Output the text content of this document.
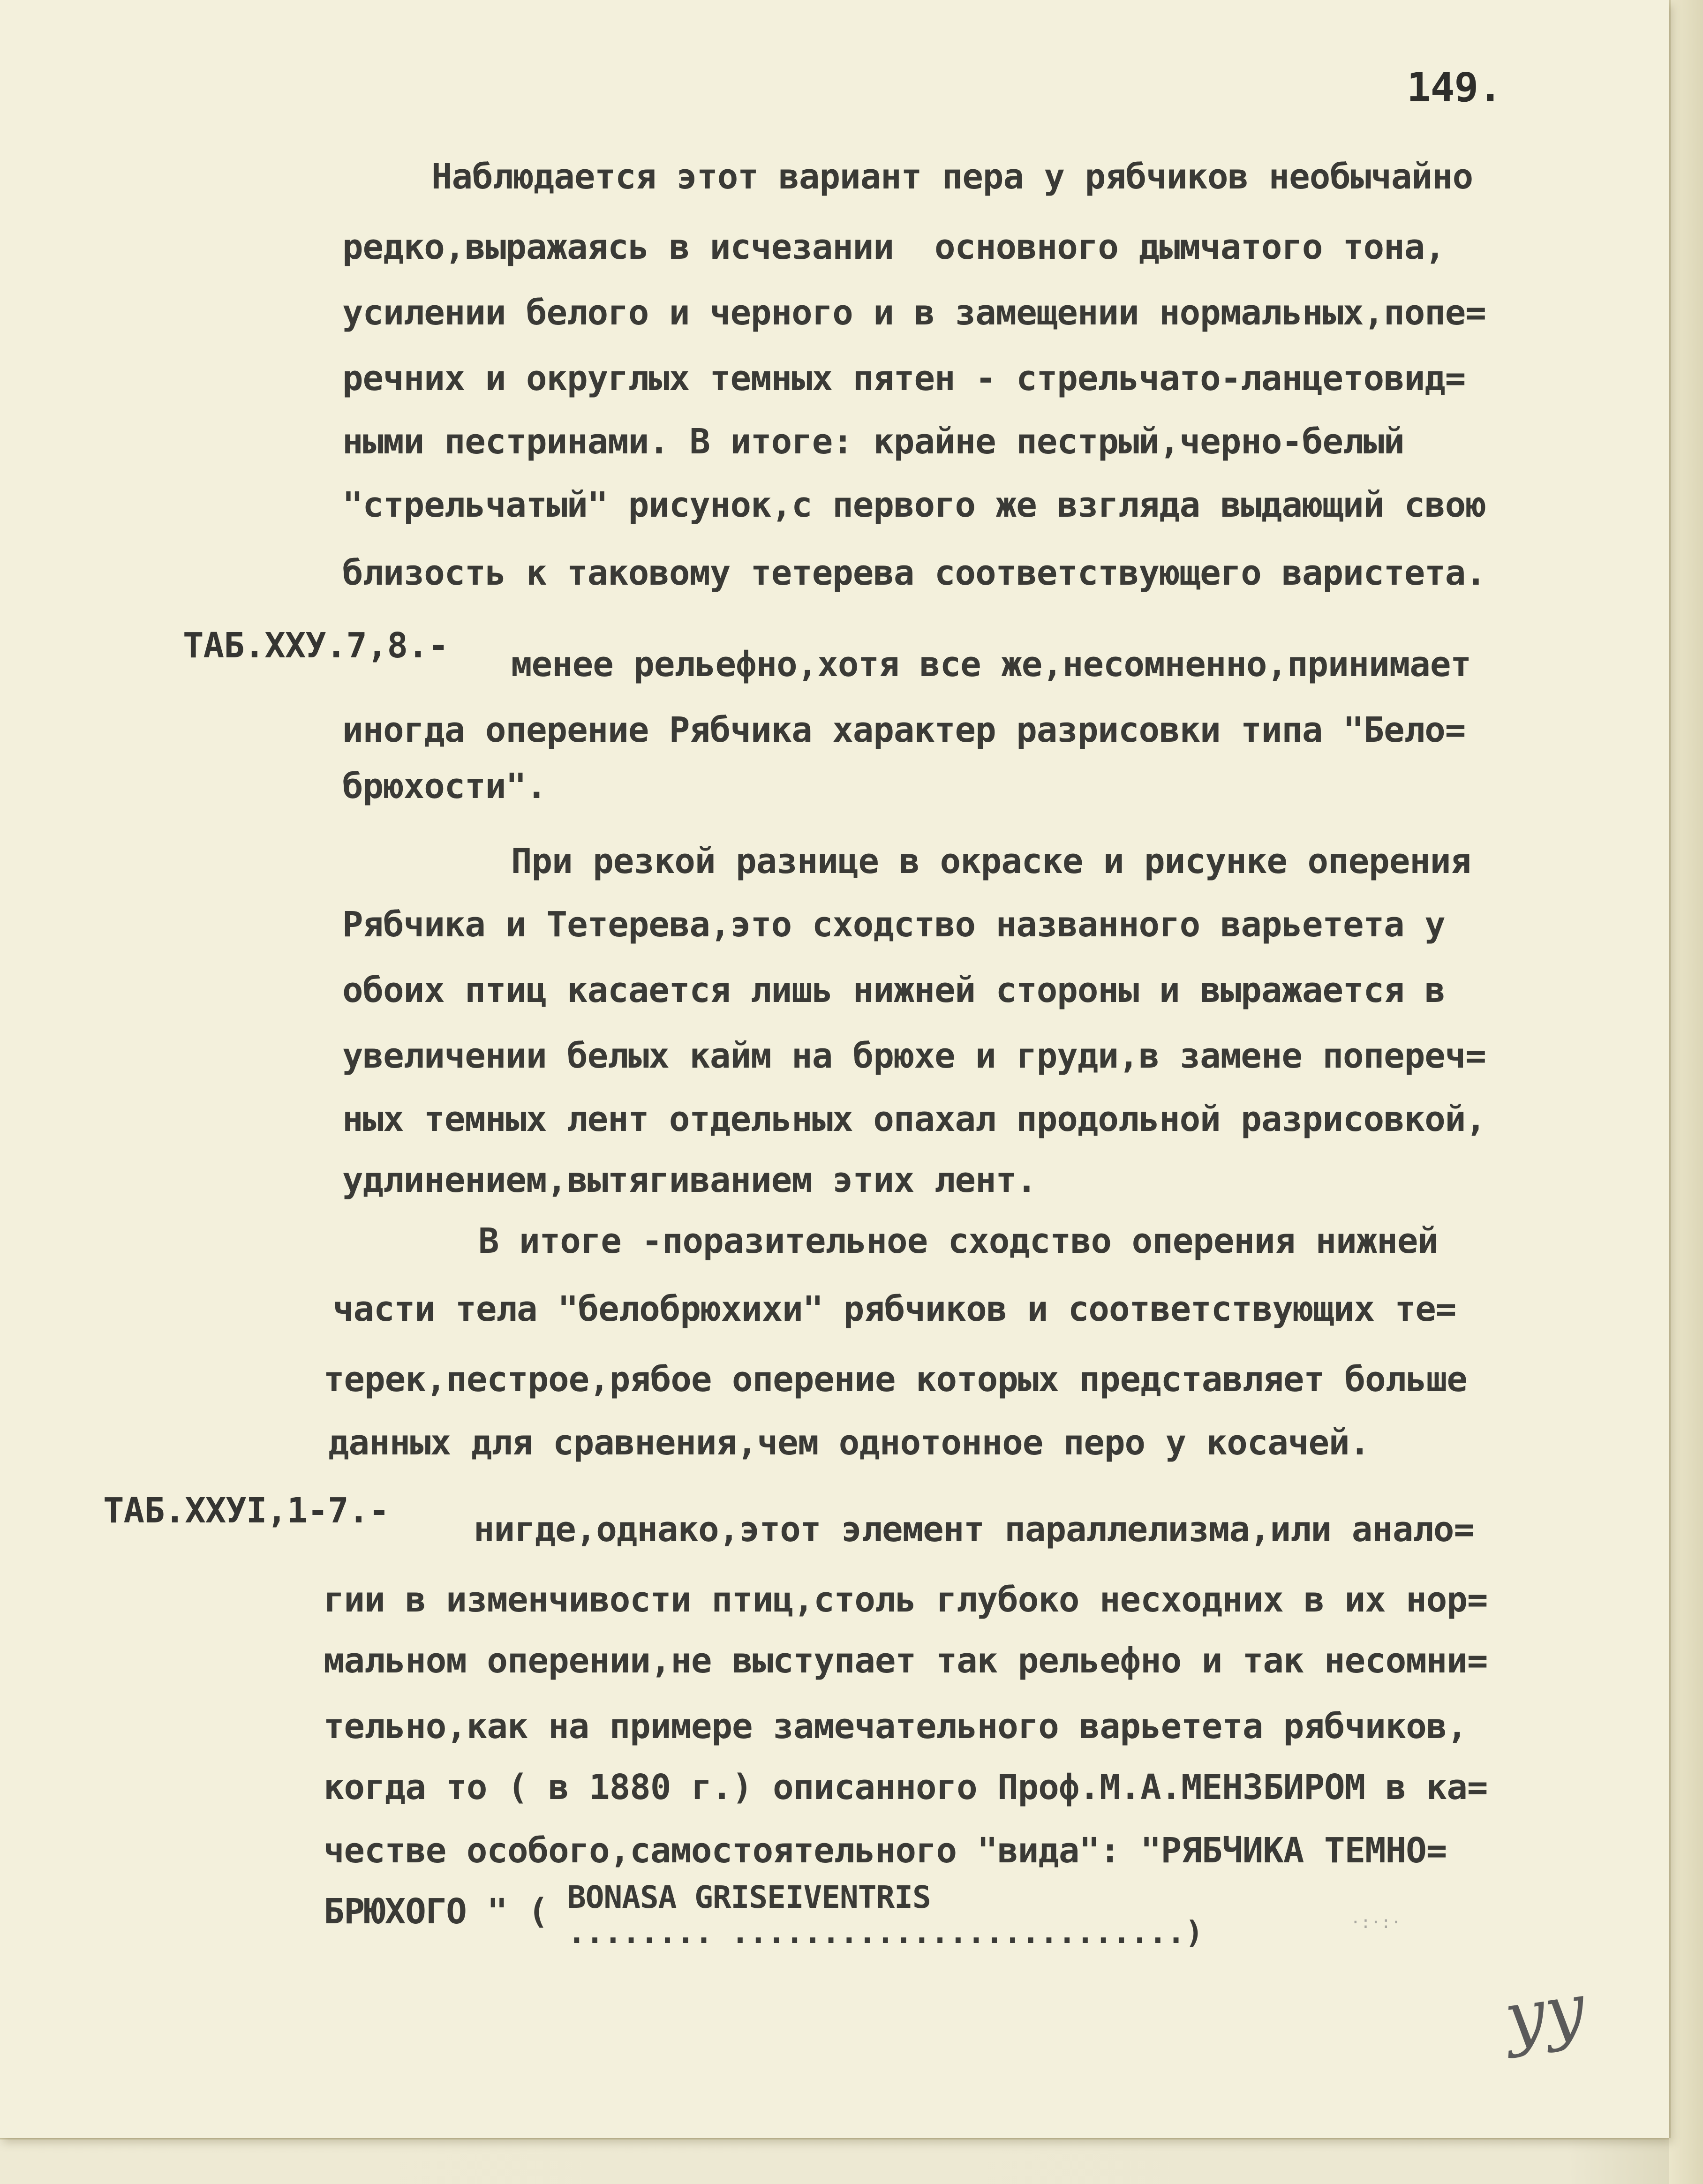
149.
Наблюдается этот вариант пера у рябчиков необычайно
редко,выражаясь в исчезании  основного дымчатого тона,
усилении белого и черного и в замещении нормальных,попе=
речних и округлых темных пятен - стрельчато-ланцетовид=
ными пестринами. В итоге: крайне пестрый,черно-белый
"стрельчатый" рисунок,с первого же взгляда выдающий свою
близость к таковому тетерева соответствующего варистета.
ТАБ.XXУ.7,8.- менее рельефно,хотя все же,несомненно,принимает
иногда оперение Рябчика характер разрисовки типа "Бело=
брюхости".
При резкой разнице в окраске и рисунке оперения
Рябчика и Тетерева,это сходство названного варьетета у
обоих птиц касается лишь нижней стороны и выражается в
увеличении белых кайм на брюхе и груди,в замене попереч=
ных темных лент отдельных опахал продольной разрисовкой,
удлинением,вытягиванием этих лент.
В итоге -поразительное сходство оперения нижней
части тела "белобрюхихи" рябчиков и соответствующих те=
терек,пестрое,рябое оперение которых представляет больше
данных для сравнения,чем однотонное перо у косачей.
ТАБ.XXУI,1-7.- нигде,однако,этот элемент параллелизма,или анало=
гии в изменчивости птиц,столь глубоко несходних в их нор=
мальном оперении,не выступает так рельефно и так несомни=
тельно,как на примере замечательного варьетета рябчиков,
когда то ( в 1880 г.) описанного Проф.М.А.МЕНЗБИРОМ в ка=
честве особого,самостоятельного "вида": "РЯБЧИКА ТЕМНО=
БРЮХОГО " ( BONASA GRISEIVENTRIS
........ .........................)	·:·:·
yy
